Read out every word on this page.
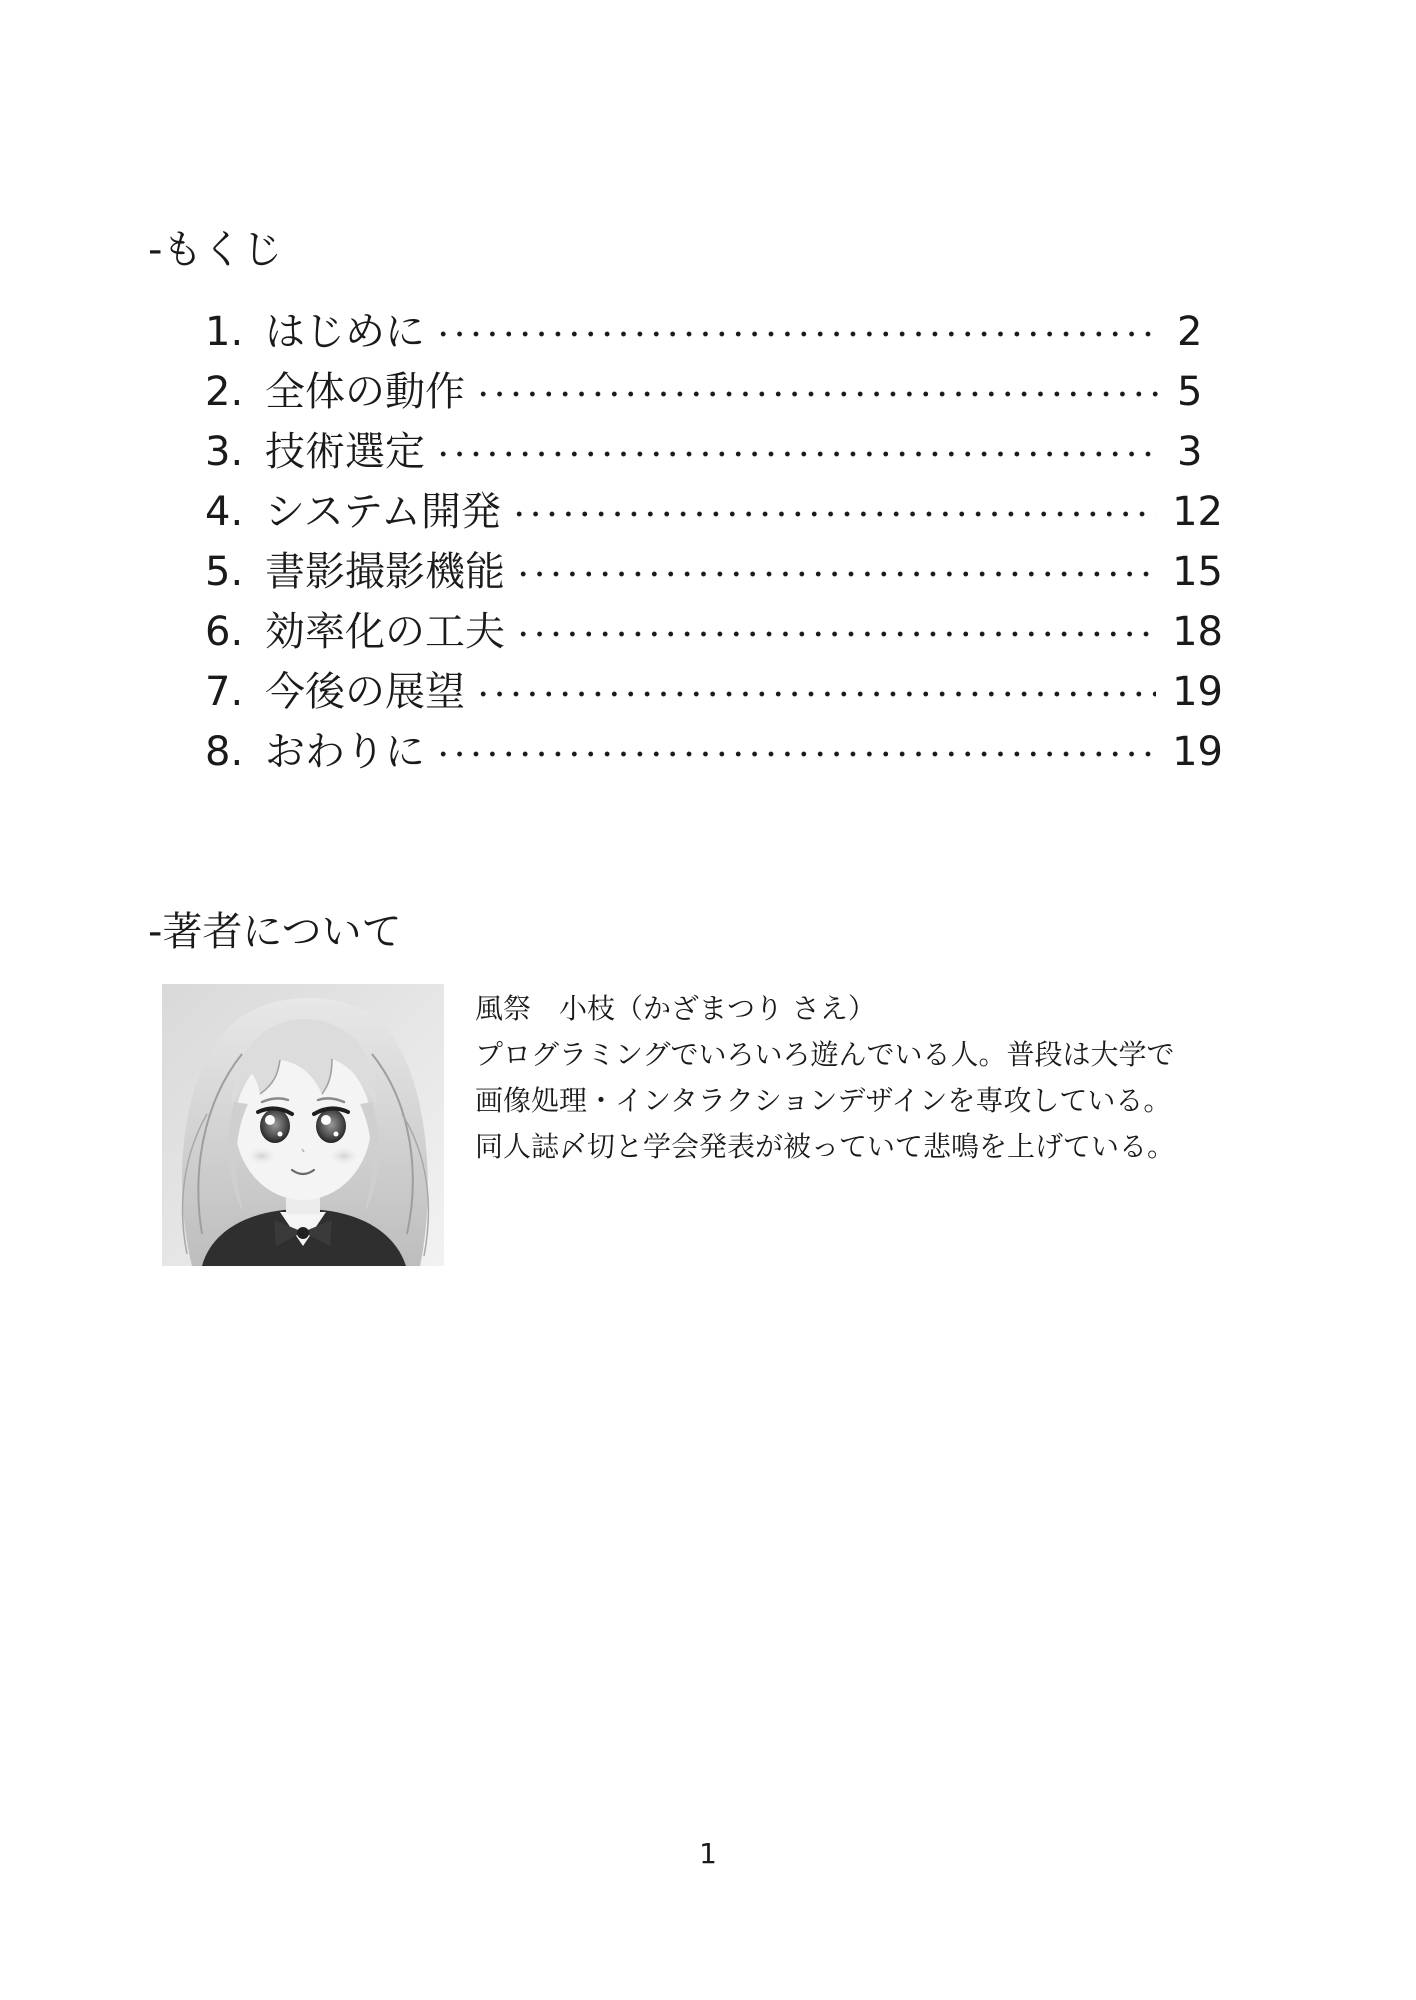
-もくじ
1. はじめに	2
2. 全体の動作	5
3. 技術選定	3
4. システム開発	12
5. 書影撮影機能	15
6. 効率化の工夫	18
7. 今後の展望	19
8. おわりに	19
-著者について

風祭　小枝（かざまつり さえ）

プログラミングでいろいろ遊んでいる人。普段は大学で

画像処理・インタラクションデザインを専攻している。

同人誌〆切と学会発表が被っていて悲鳴を上げている。

1
